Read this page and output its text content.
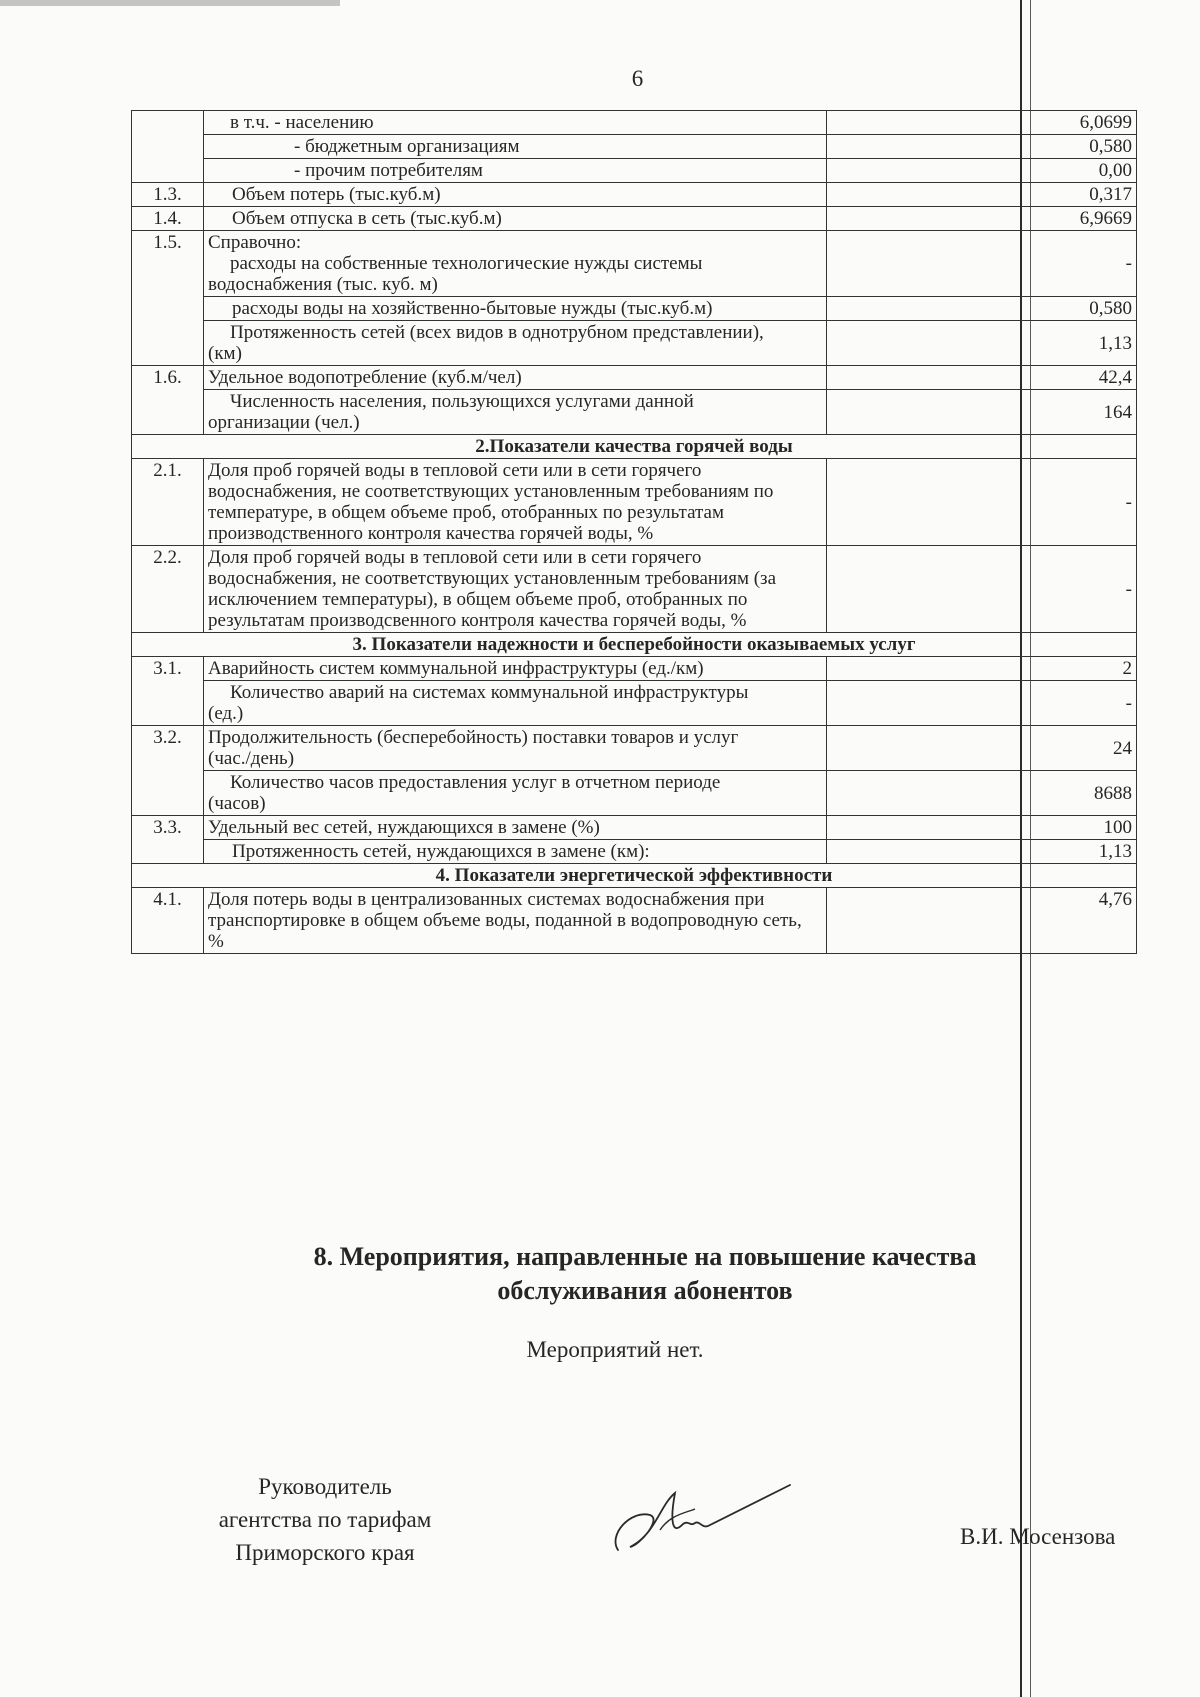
6
	в т.ч. - населению	6,0699
	- бюджетным организациям	0,580
	- прочим потребителям	0,00
1.3.	Объем потерь (тыс.куб.м)	0,317
1.4.	Объем отпуска в сеть (тыс.куб.м)	6,9669
1.5.	Справочно:
расходы на собственные технологические нужды системы
водоснабжения (тыс. куб. м)	-
	расходы воды на хозяйственно-бытовые нужды (тыс.куб.м)	0,580

	Протяженность сетей (всех видов в однотрубном представлении),
(км)	1,13
1.6.	Удельное водопотребление (куб.м/чел)	42,4

	Численность населения, пользующихся услугами данной
организации (чел.)	164
2.Показатели качества горячей воды		
2.1.	Доля проб горячей воды в тепловой сети или в сети горячего водоснабжения, не соответствующих установленным требованиям по температуре, в общем объеме проб, отобранных по результатам производственного контроля качества горячей воды, %	-
2.2.	Доля проб горячей воды в тепловой сети или в сети горячего водоснабжения, не соответствующих установленным требованиям (за исключением температуры), в общем объеме проб, отобранных по результатам производсвенного контроля качества горячей воды, %	-
3. Показатели надежности и бесперебойности оказываемых услуг		
3.1.	Аварийность систем коммунальной инфраструктуры (ед./км)	2

	Количество аварий на системах коммунальной инфраструктуры
(ед.)	-
3.2.	Продолжительность (бесперебойность) поставки товаров и услуг
(час./день)	24

	Количество часов предоставления услуг в отчетном периоде
(часов)	8688
3.3.	Удельный вес сетей, нуждающихся в замене (%)	100
	Протяженность сетей, нуждающихся в замене (км):	1,13
4. Показатели энергетической эффективности		
4.1.	Доля потерь воды в централизованных системах водоснабжения при транспортировке в общем объеме воды, поданной в водопроводную сеть, %	4,76
8. Мероприятия, направленные на повышение качества
обслуживания абонентов
Мероприятий нет.
Руководитель
агентства по тарифам
Приморского края
В.И. Мосензова
